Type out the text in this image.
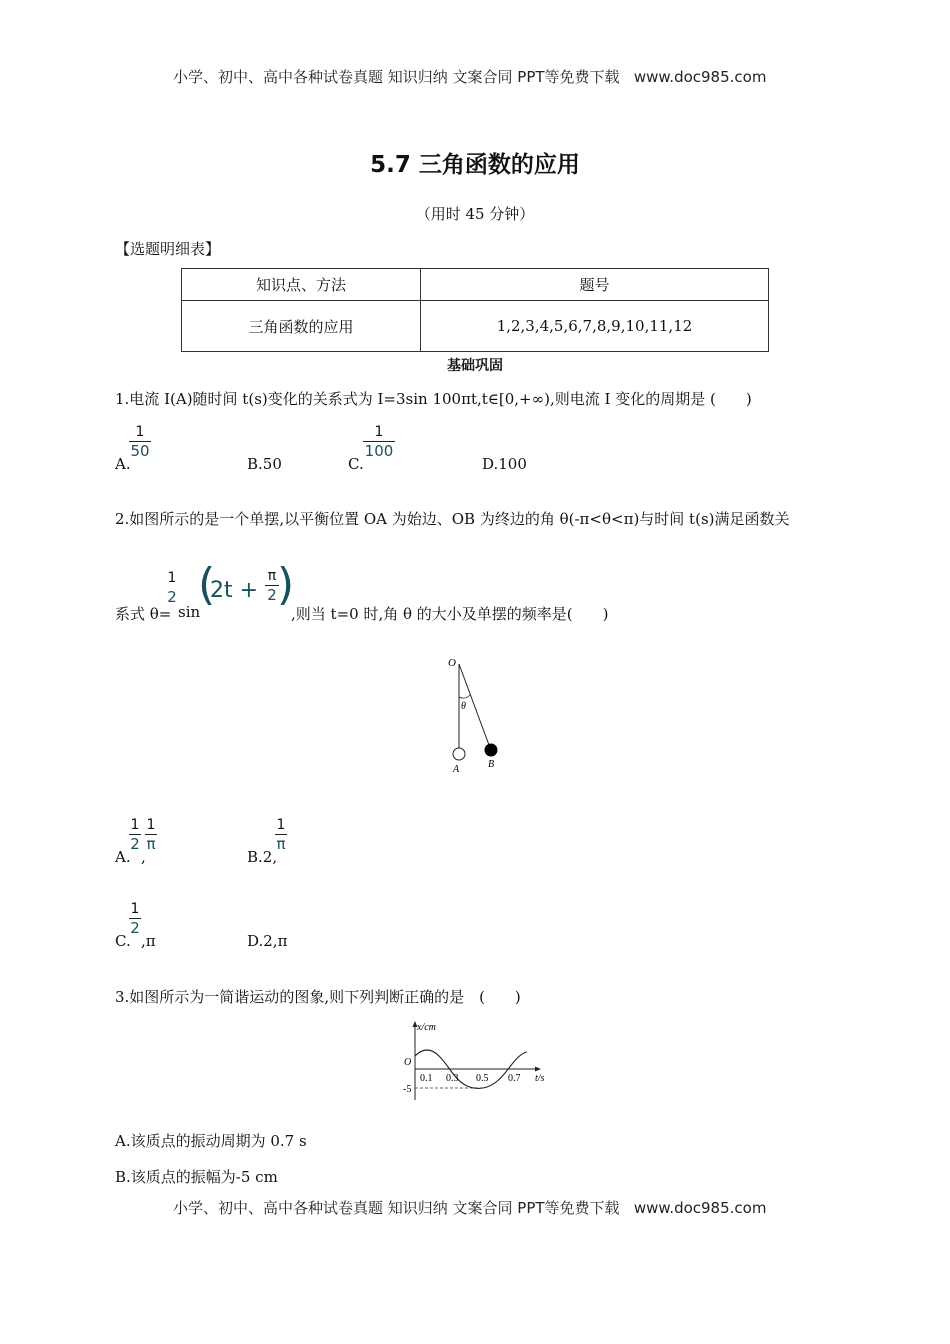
小学、初中、高中各种试卷真题 知识归纳 文案合同 PPT等免费下载 www.doc985.com
5.7 三角函数的应用
（用时 45 分钟）
【选题明细表】
知识点、方法	题号
三角函数的应用	1,2,3,4,5,6,7,8,9,10,11,12
基础巩固
1.电流 I(A)随时间 t(s)变化的关系式为 I=3sin 100πt,t∈[0,+∞),则电流 I 变化的周期是 (　　)
A.
1
50
B.50	C.
1
100
D.100
2.如图所示的是一个单摆,以平衡位置 OA 为始边、OB 为终边的角 θ(-π<θ<π)与时间 t(s)满足函数关
系式 θ=
1
2
sin
(
2t +
π
2 )
,则当 t=0 时,角 θ 的大小及单摆的频率是(　　)
O
θ
A	B
A.
1
2
,
1
π
B.2,
1
π
C.
1
2
,π	D.2,π
3.如图所示为一简谐运动的图象,则下列判断正确的是　(　　)
x/cm
O
-5
0.1 0.3 0.5 0.7 t/s
A.该质点的振动周期为 0.7 s
B.该质点的振幅为-5 cm
小学、初中、高中各种试卷真题 知识归纳 文案合同 PPT等免费下载 www.doc985.com
